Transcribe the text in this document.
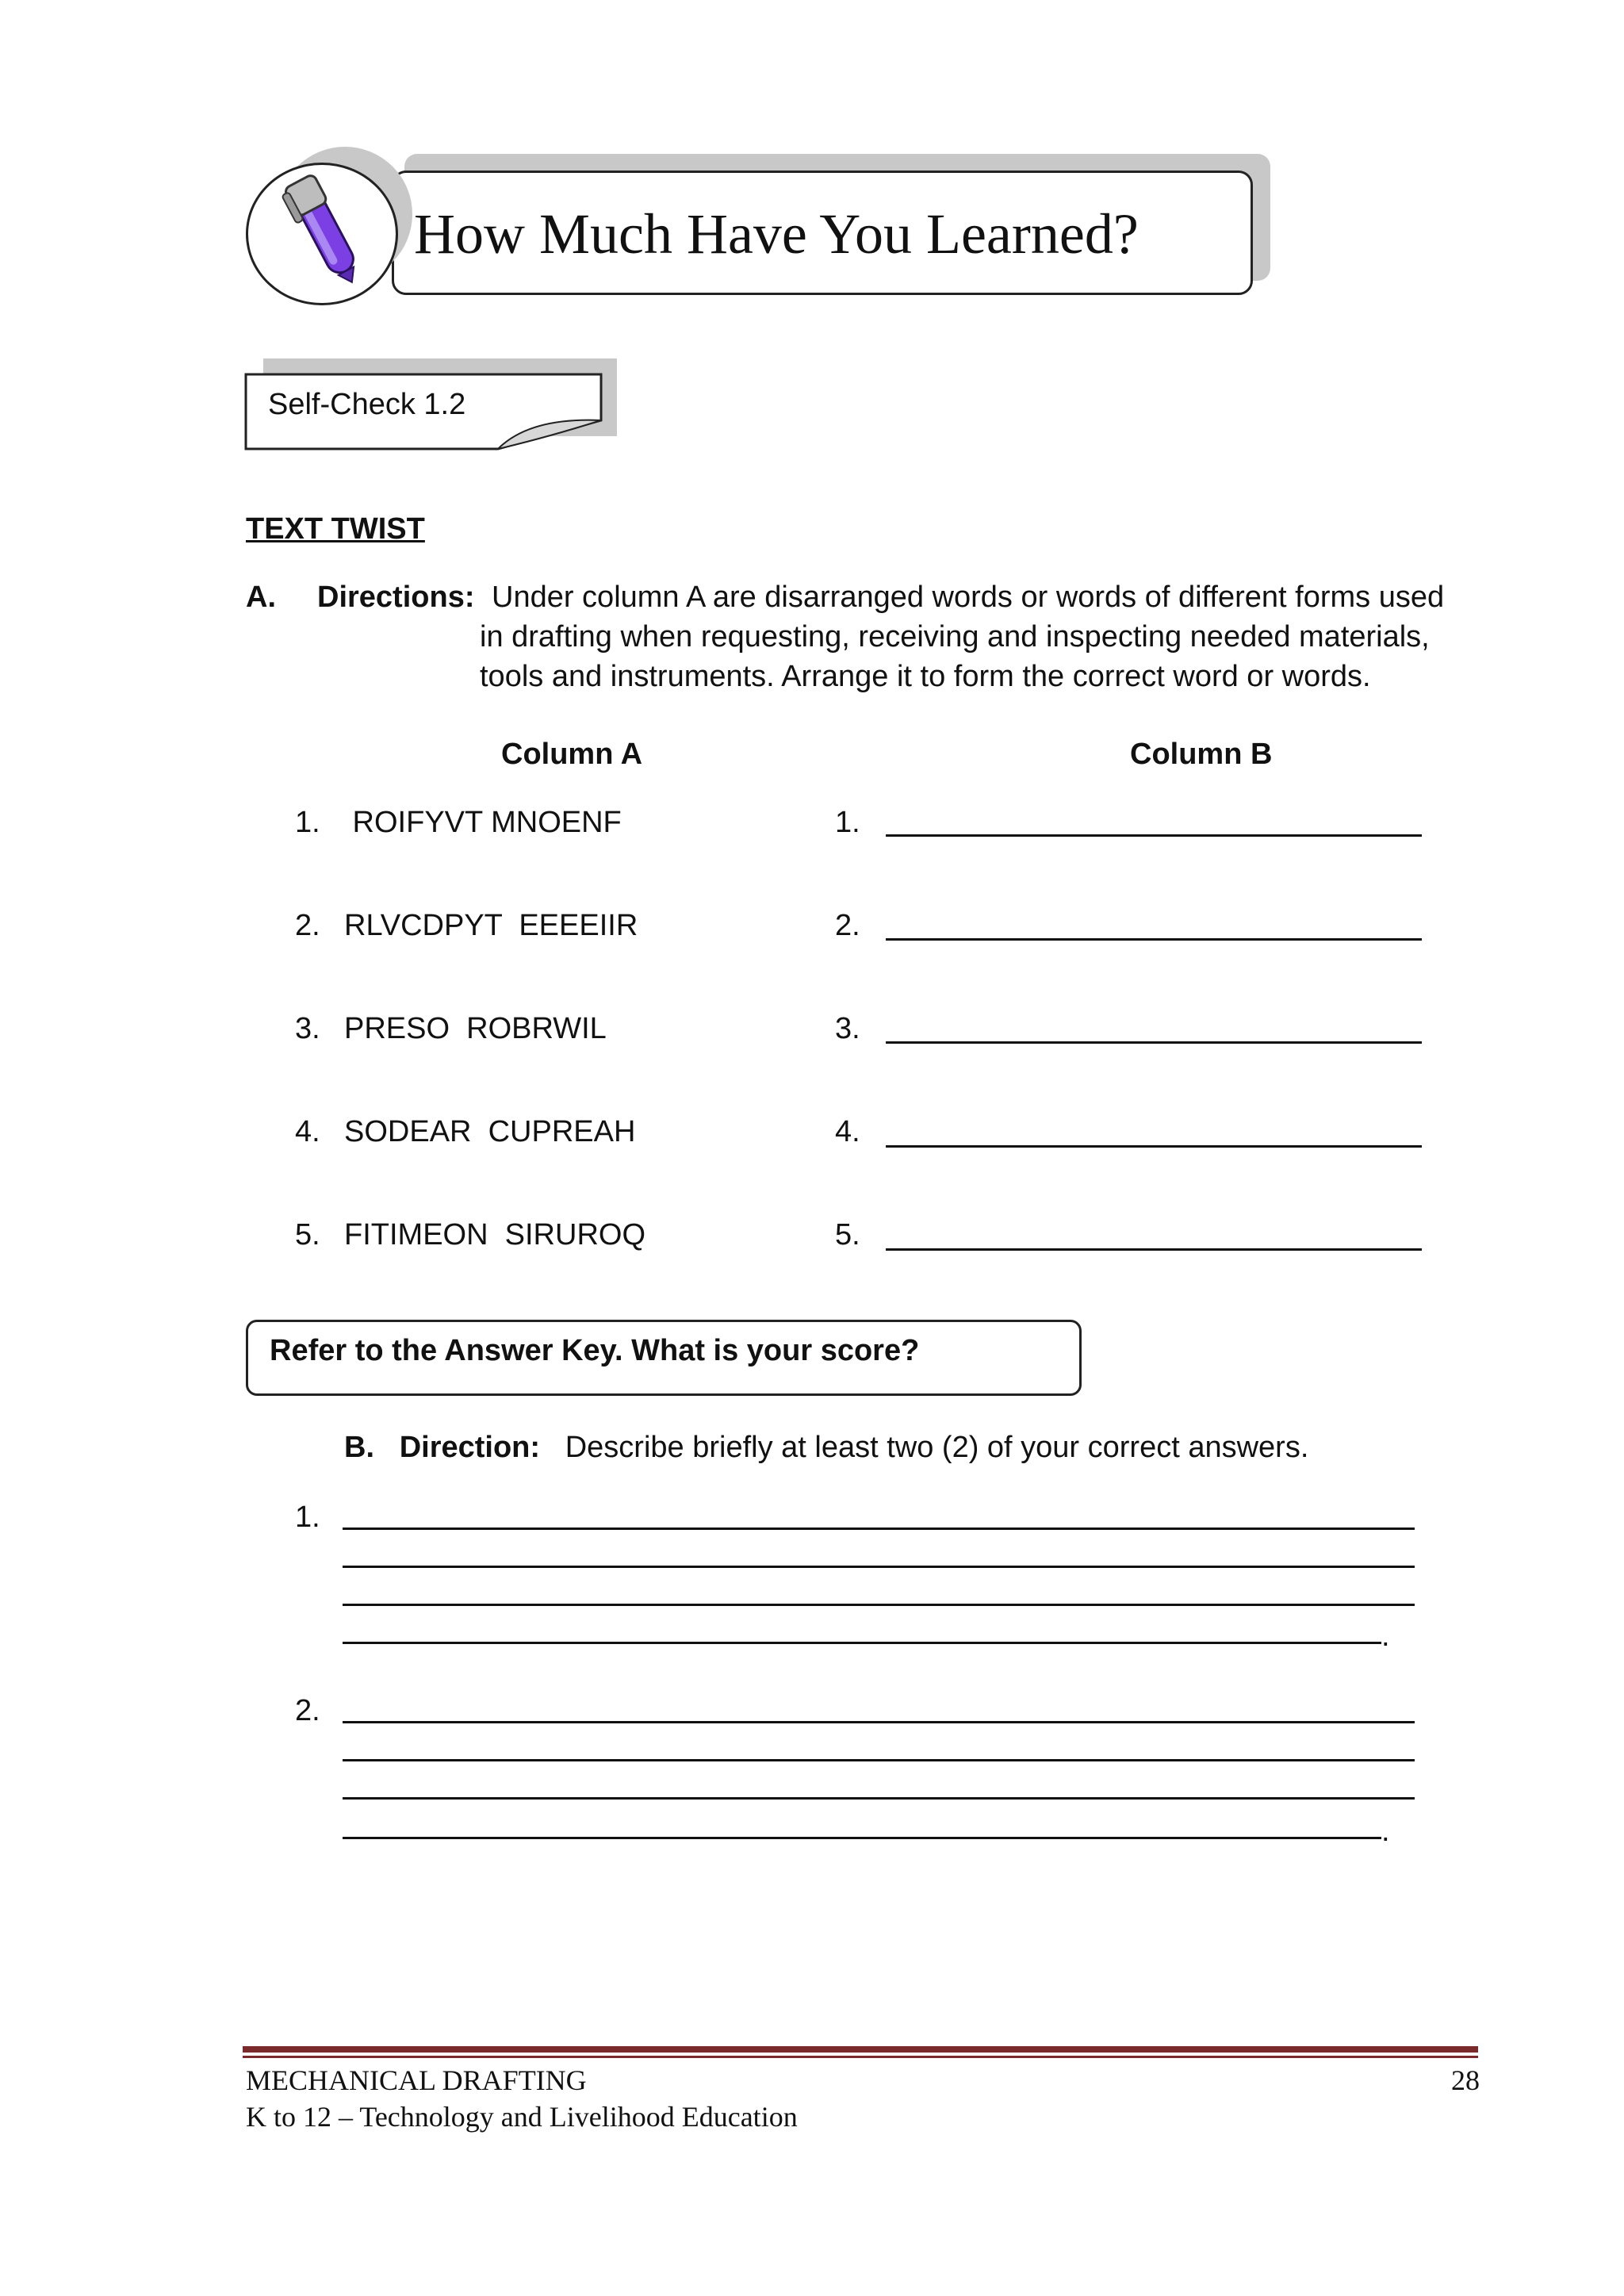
How Much Have You Learned?
Self-Check 1.2
TEXT TWIST
A. Directions: Under column A are disarranged words or words of different forms used
in drafting when requesting, receiving and inspecting needed materials,
tools and instruments. Arrange it to form the correct word or words.
Column A	Column B
1. ROIFYVT MNOENF	1.
2. RLVCDPYT  EEEEIIR	2.
3. PRESO  ROBRWIL	3.
4. SODEAR  CUPREAH	4.
5. FITIMEON  SIRUROQ	5.
Refer to the Answer Key. What is your score?
B. Direction: Describe briefly at least two (2) of your correct answers.
1.
.
2.
.
MECHANICAL DRAFTING
K to 12 – Technology and Livelihood Education
28
